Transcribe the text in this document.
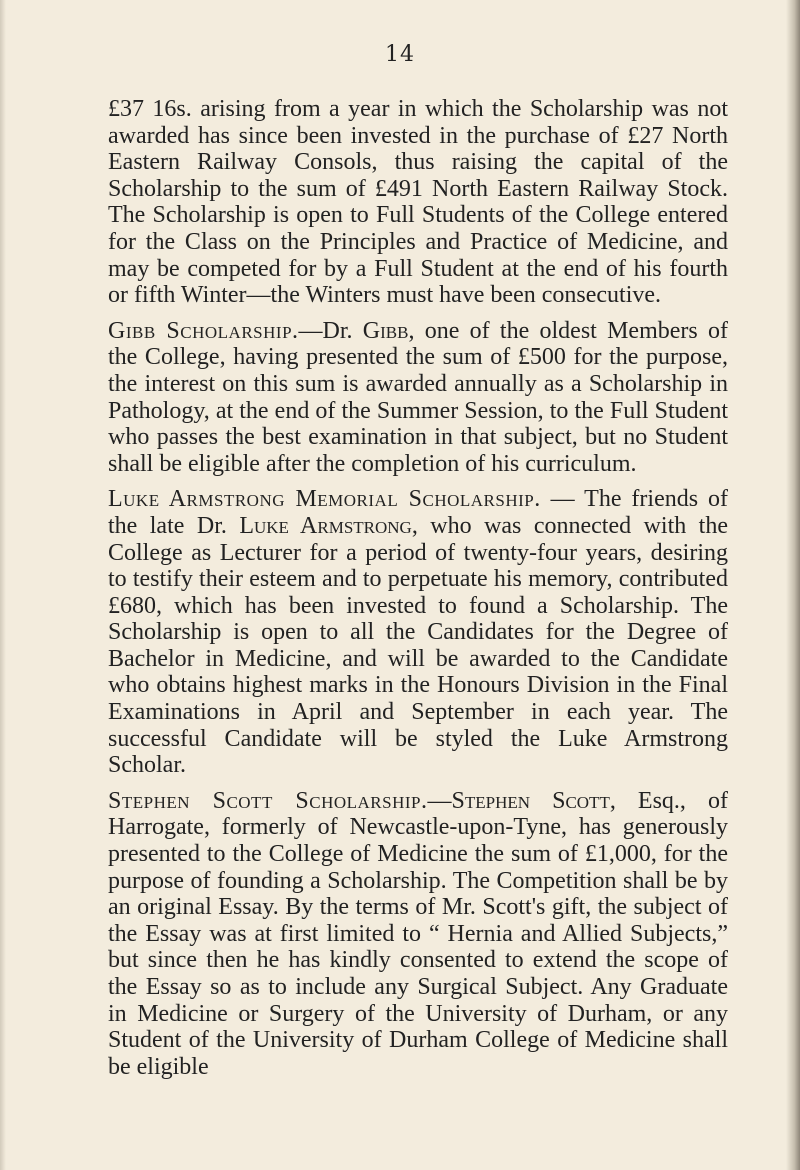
14

£37 16s. arising from a year in which the Scholarship was not awarded has since been invested in the purchase of £27 North Eastern Railway Consols, thus raising the capital of the Scholarship to the sum of £491 North Eastern Railway Stock. The Scholarship is open to Full Students of the College entered for the Class on the Principles and Practice of Medicine, and may be competed for by a Full Student at the end of his fourth or fifth Winter—the Winters must have been consecutive.

Gibb Scholarship.—Dr. Gibb, one of the oldest Members of the College, having presented the sum of £500 for the purpose, the interest on this sum is awarded annually as a Scholarship in Pathology, at the end of the Summer Session, to the Full Student who passes the best examination in that subject, but no Student shall be eligible after the completion of his curriculum.

Luke Armstrong Memorial Scholarship. — The friends of the late Dr. Luke Armstrong, who was connected with the College as Lecturer for a period of twenty-four years, desiring to testify their esteem and to perpetuate his memory, contributed £680, which has been invested to found a Scholarship. The Scholarship is open to all the Candidates for the Degree of Bachelor in Medicine, and will be awarded to the Candidate who obtains highest marks in the Honours Division in the Final Examinations in April and September in each year. The successful Candidate will be styled the Luke Armstrong Scholar.

Stephen Scott Scholarship.—Stephen Scott, Esq., of Harrogate, formerly of Newcastle-upon-Tyne, has generously presented to the College of Medicine the sum of £1,000, for the purpose of founding a Scholarship. The Competition shall be by an original Essay. By the terms of Mr. Scott's gift, the subject of the Essay was at first limited to “ Hernia and Allied Subjects,” but since then he has kindly consented to extend the scope of the Essay so as to include any Surgical Subject. Any Graduate in Medicine or Surgery of the University of Durham, or any Student of the University of Durham College of Medicine shall be eligible
